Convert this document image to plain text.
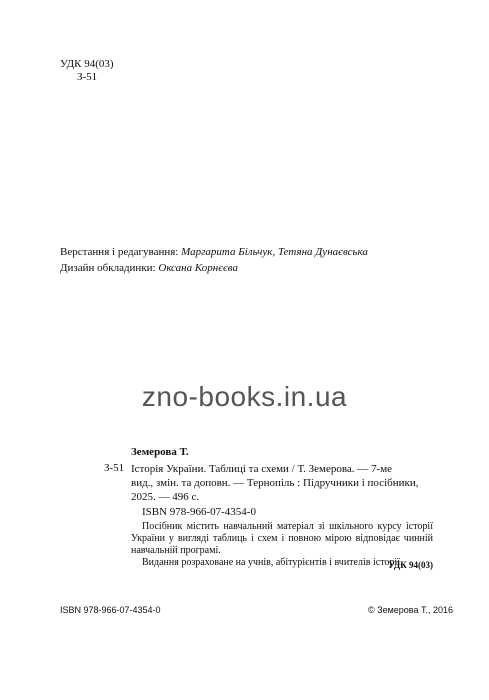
УДК 94(03)
З-51
Верстання і редагування: Маргарита Більчук, Тетяна Дунаєвська
Дизайн обкладинки: Оксана Корнєєва
zno-books.in.ua
Земерова Т.
З-51 Історія України. Таблиці та схеми / Т. Земерова. — 7-ме
вид., змін. та доповн. — Тернопіль : Підручники і посібники,
2025. — 496 с.
ISBN 978-966-07-4354-0

Посібник містить навчальний матеріал зі шкільного курсу історії України у вигляді таблиць і схем і повною мірою відповідає чинній навчальній програмі.

Видання розраховане на учнів, абітурієнтів і вчителів історії.

УДК 94(03)
ISBN 978-966-07-4354-0	© Земерова Т., 2016
